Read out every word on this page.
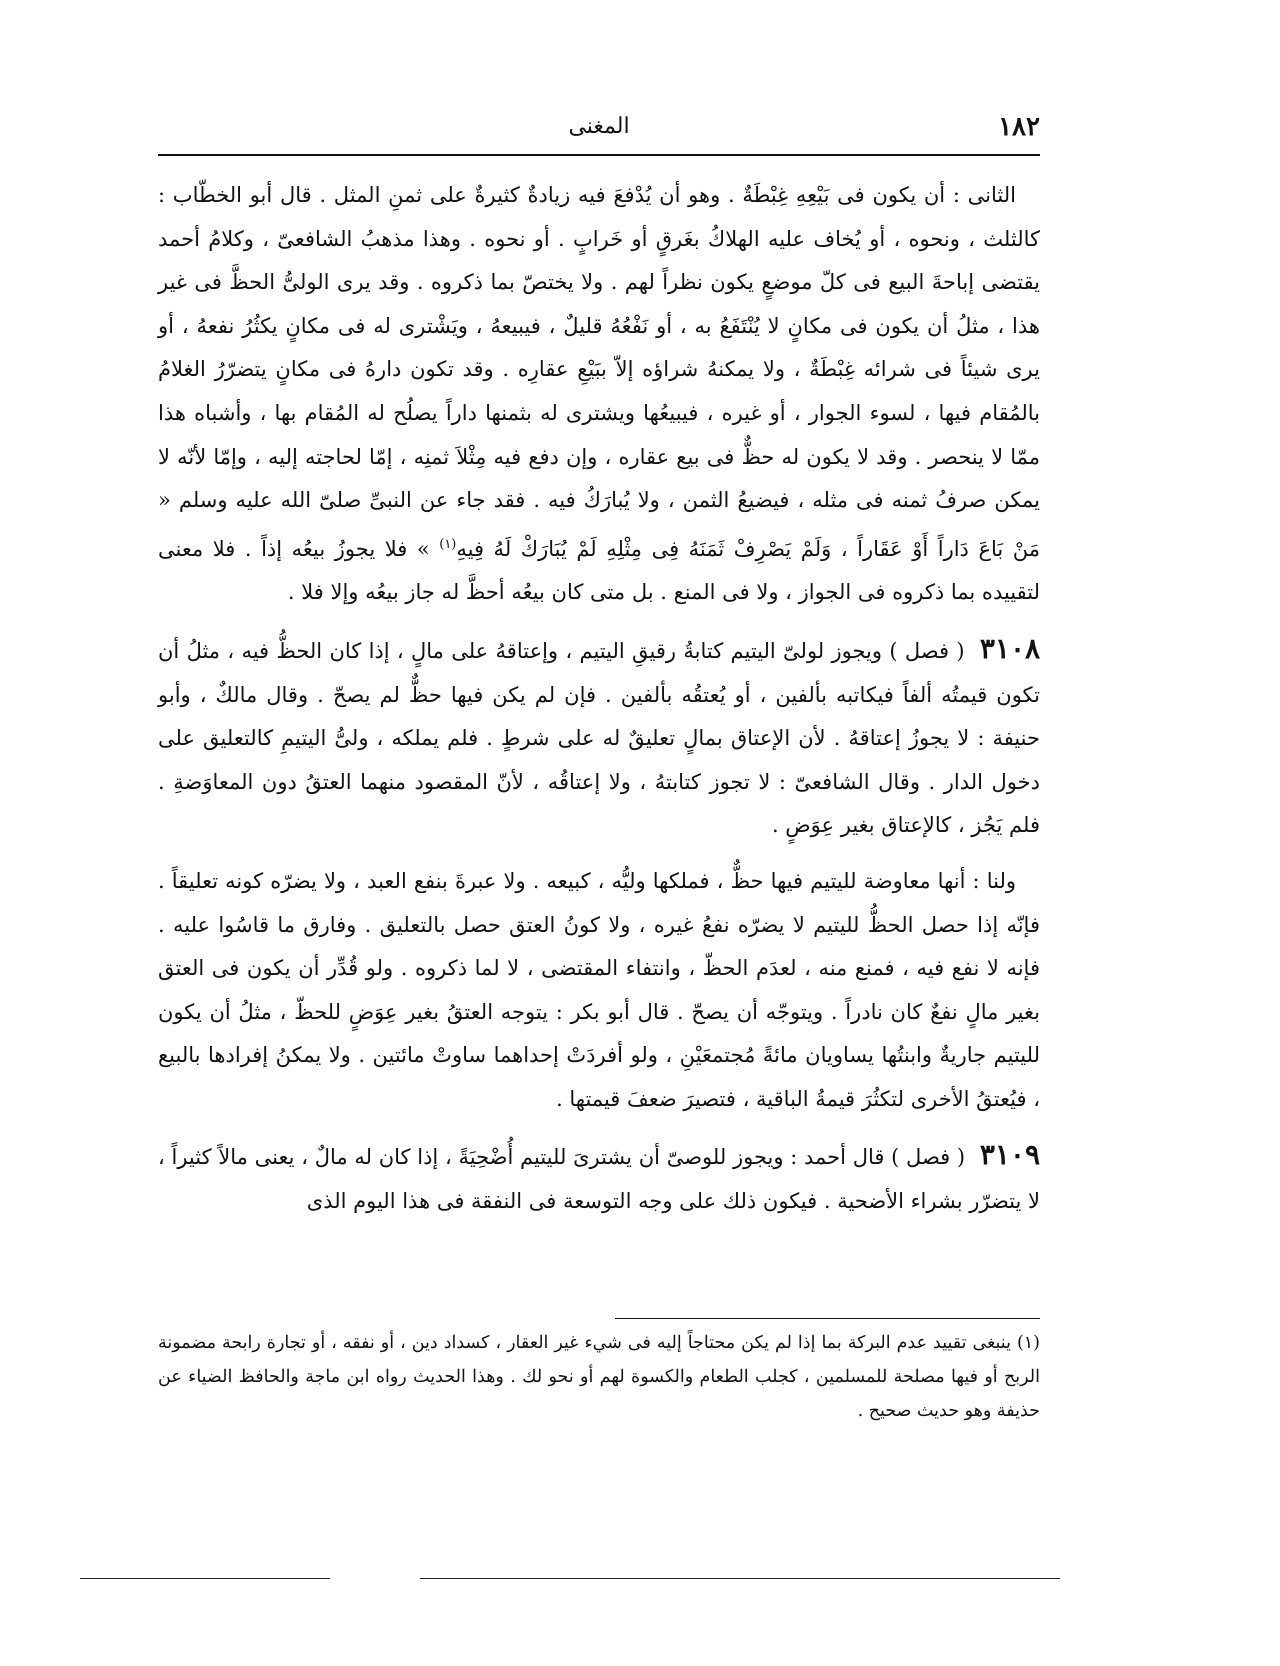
١٨٢
المغنى

الثانى : أن يكون فى بَيْعِهِ غِبْطَةٌ . وهو أن يُدْفعَ فيه زيادةٌ كثيرةٌ على ثمنِ المثل . قال أبو الخطّاب : كالثلث ، ونحوه ، أو يُخاف عليه الهلاكُ بغَرقٍ أو خَرابٍ . أو نحوه . وهذا مذهبُ الشافعىّ ، وكلامُ أحمد يقتضى إباحةَ البيع فى كلّ موضعٍ يكون نظراً لهم . ولا يختصّ بما ذكروه . وقد يرى الولىُّ الحظَّ فى غير هذا ، مثلُ أن يكون فى مكانٍ لا يُنْتَفَعُ به ، أو نَفْعُهُ قليلٌ ، فيبيعهُ ، ويَشْترى له فى مكانٍ يكثُرُ نفعهُ ، أو يرى شيئاً فى شرائه غِبْطَةٌ ، ولا يمكنهُ شراؤه إلاّ ببَيْعِ عقارِه . وقد تكون دارهُ فى مكانٍ يتضرّرُ الغلامُ بالمُقام فيها ، لسوء الجوار ، أو غيره ، فيبيعُها ويشترى له بثمنها داراً يصلُح له المُقام بها ، وأشباه هذا ممّا لا ينحصر . وقد لا يكون له حظٌّ فى بيع عقاره ، وإن دفع فيه مِثْلاَ ثمنِه ، إمّا لحاجته إليه ، وإمّا لأنّه لا يمكن صرفُ ثمنه فى مثله ، فيضيعُ الثمن ، ولا يُبارَكُ فيه . فقد جاء عن النبىِّ صلىّ الله عليه وسلم « مَنْ بَاعَ دَاراً أَوْ عَقَاراً ، وَلَمْ يَصْرِفْ ثَمَنَهُ فِى مِثْلِهِ لَمْ يُبَارَكْ لَهُ فِيهِ$^{(١)}$ » فلا يجوزُ بيعُه إذاً . فلا معنى لتقييده بما ذكروه فى الجواز ، ولا فى المنع . بل متى كان بيعُه أحظَّ له جاز بيعُه وإلا فلا .

٣١٠٨ ( فصل ) ويجوز لولىّ اليتيم كتابةُ رقيقِ اليتيم ، وإعتاقهُ على مالٍ ، إذا كان الحظُّ فيه ، مثلُ أن تكون قيمتُه ألفاً فيكاتبه بألفين ، أو يُعتقُه بألفين . فإن لم يكن فيها حظٌّ لم يصحّ . وقال مالكٌ ، وأبو حنيفة : لا يجوزُ إعتاقهُ . لأن الإعتاق بمالٍ تعليقٌ له على شرطٍ . فلم يملكه ، ولىُّ اليتيمِ كالتعليق على دخول الدار . وقال الشافعىّ : لا تجوز كتابتهُ ، ولا إعتاقُه ، لأنّ المقصود منهما العتقُ دون المعاوَضةِ . فلم يَجُز ، كالإعتاق بغير عِوَضٍ .

ولنا : أنها معاوضة لليتيم فيها حظٌّ ، فملكها وليُّه ، كبيعه . ولا عبرةَ بنفع العبد ، ولا يضرّه كونه تعليقاً . فإنّه إذا حصل الحظُّ لليتيم لا يضرّه نفعُ غيره ، ولا كونُ العتق حصل بالتعليق . وفارق ما قاسُوا عليه . فإنه لا نفع فيه ، فمنع منه ، لعدَم الحظّ ، وانتفاء المقتضى ، لا لما ذكروه . ولو قُدِّر أن يكون فى العتق بغير مالٍ نفعٌ كان نادراً . ويتوجّه أن يصحّ . قال أبو بكر : يتوجه العتقُ بغير عِوَضٍ للحظّ ، مثلُ أن يكون لليتيم جاريةٌ وابنتُها يساويان مائةً مُجتمعَيْنِ ، ولو أفردَتْ إحداهما ساوتْ مائتين . ولا يمكنُ إفرادها بالبيع ، فيُعتقُ الأخرى لتكثُرَ قيمةُ الباقية ، فتصيرَ ضعفَ قيمتها .

٣١٠٩ ( فصل ) قال أحمد : ويجوز للوصىّ أن يشترىَ لليتيم أُضْحِيَةً ، إذا كان له مالٌ ، يعنى مالاً كثيراً ، لا يتضرّر بشراء الأضحية . فيكون ذلك على وجه التوسعة فى النفقة فى هذا اليوم الذى

(١) ينبغى تقييد عدم البركة بما إذا لم يكن محتاجاً إليه فى شيء غير العقار ، كسداد دين ، أو نفقه ، أو تجارة رابحة مضمونة الربح أو فيها مصلحة للمسلمين ، كجلب الطعام والكسوة لهم أو نحو لك . وهذا الحديث رواه ابن ماجة والحافظ الضياء عن حذيفة وهو حديث صحيح .
